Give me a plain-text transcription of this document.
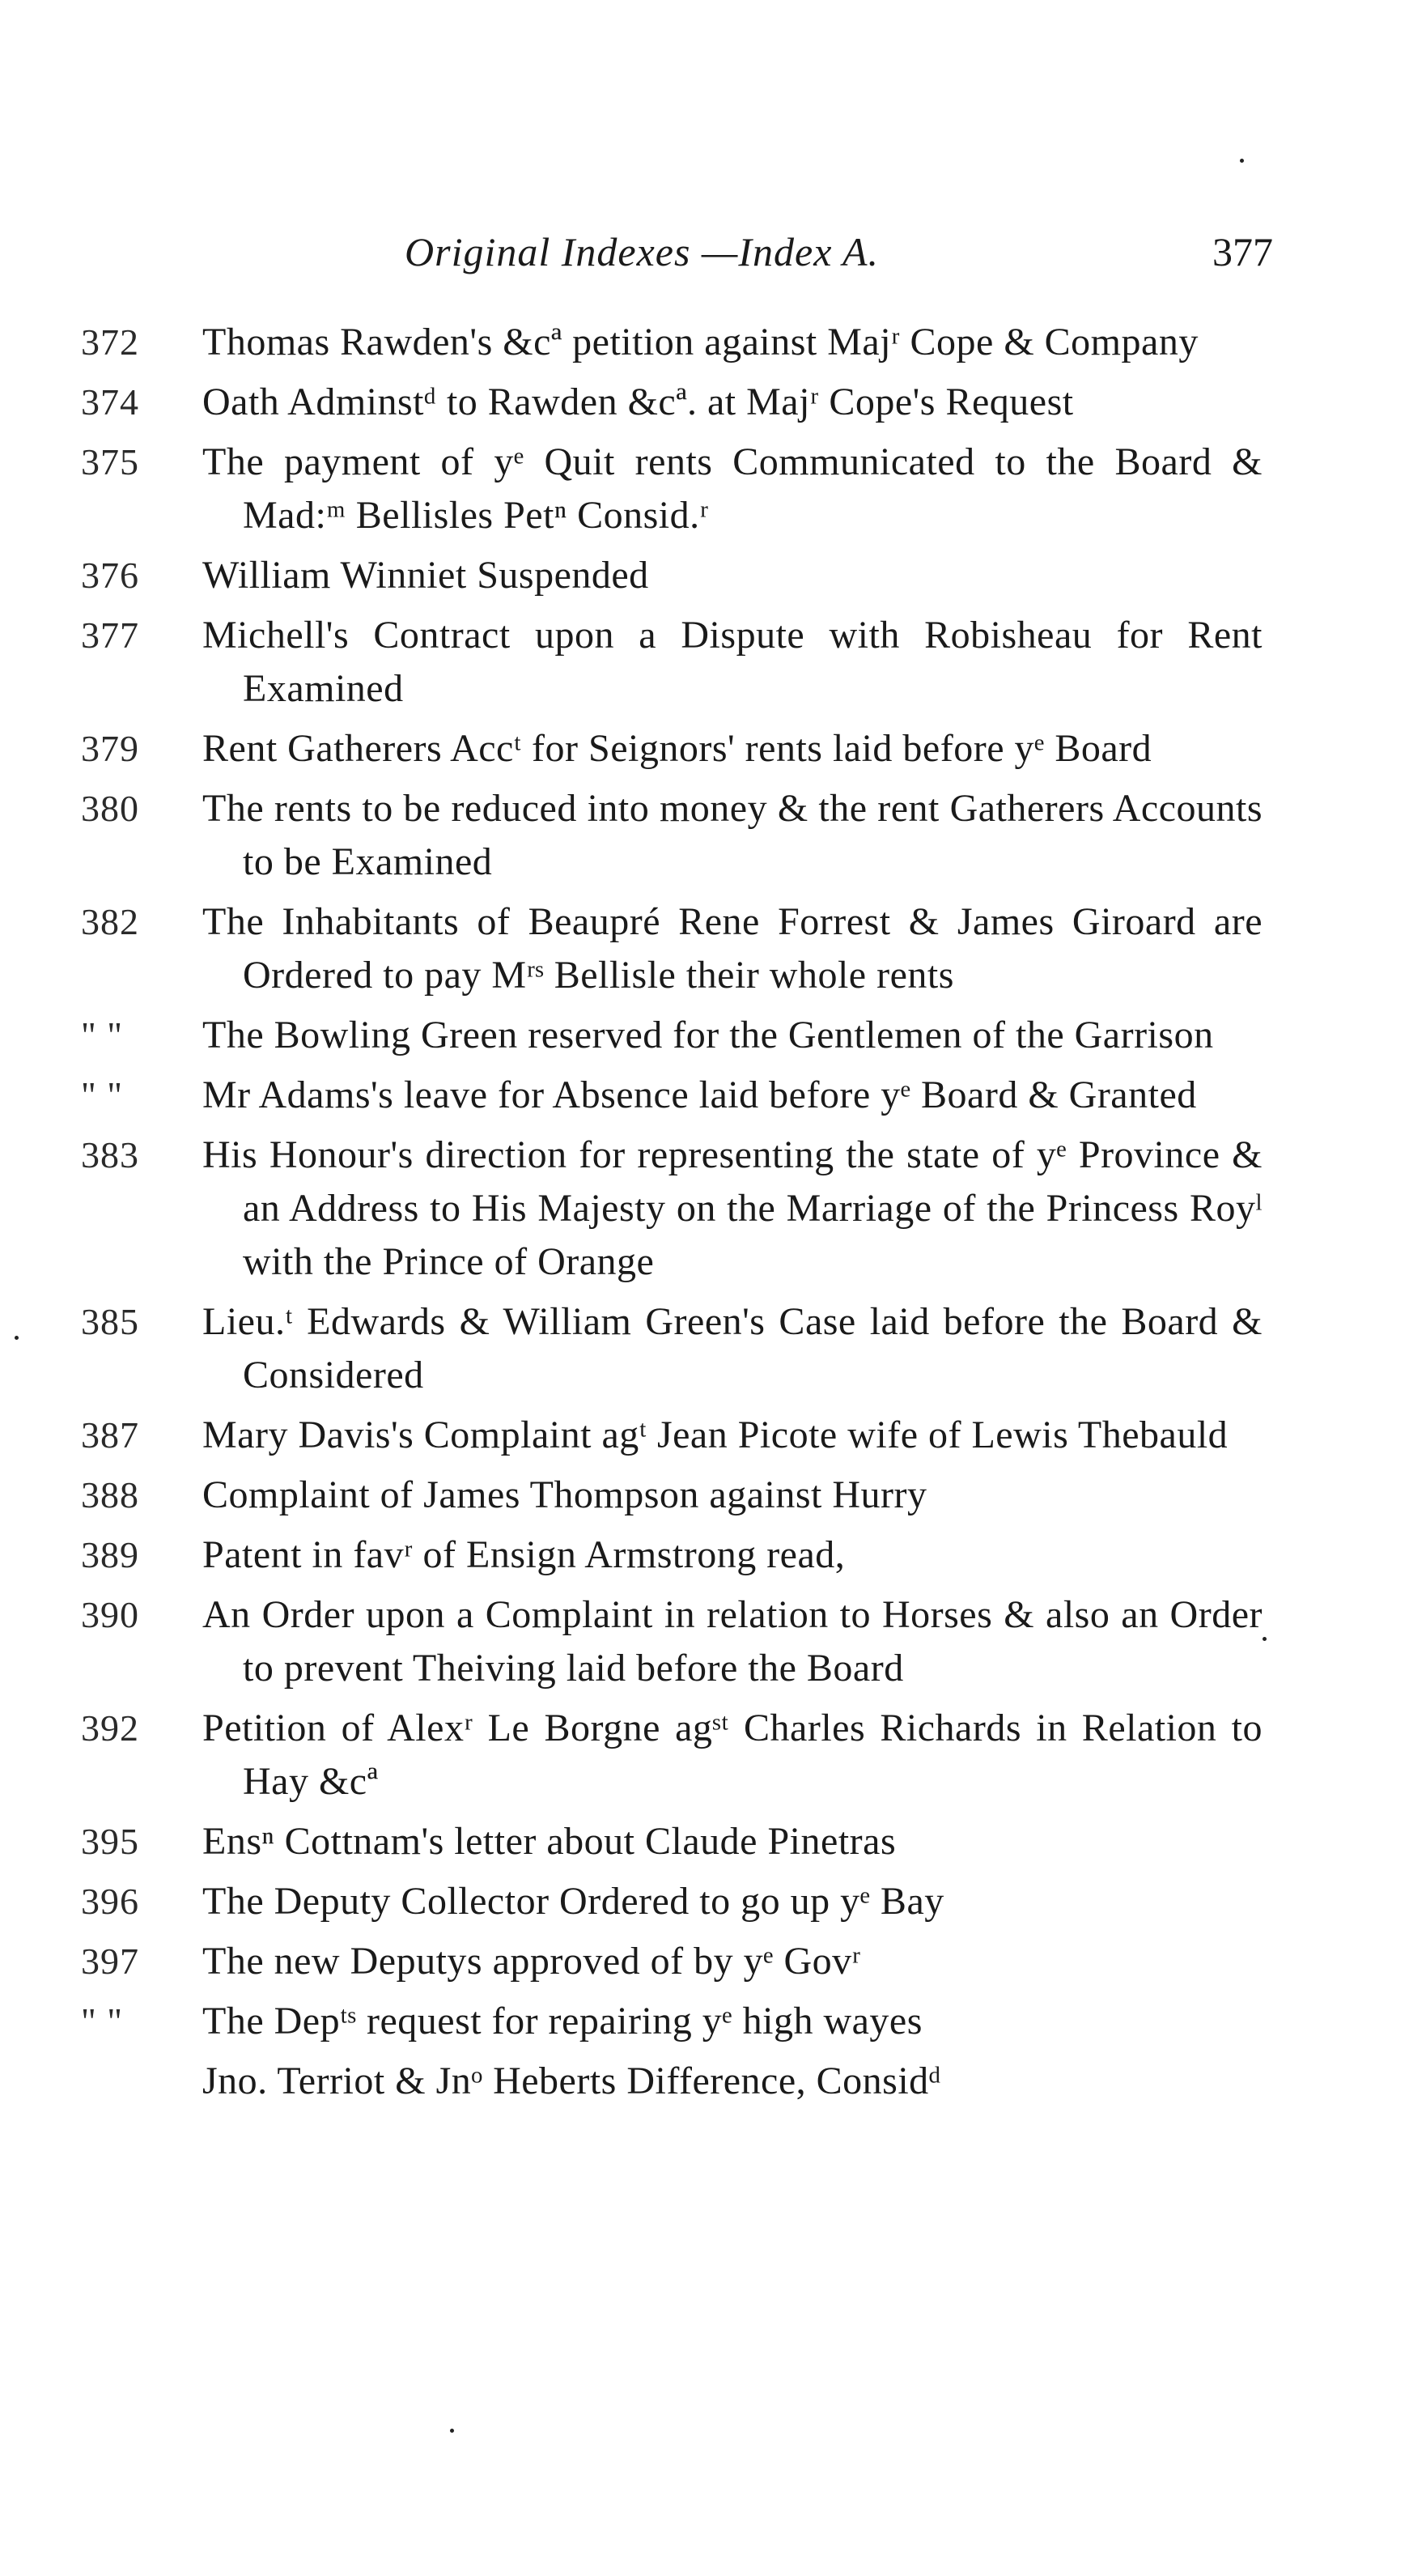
Original Indexes —Index A.	377
372	Thomas Rawden's &cª petition against Majʳ Cope & Company
374	Oath Adminstᵈ to Rawden &cª. at Majʳ Cope's Request
375	The payment of yᵉ Quit rents Communicated to the Board & Mad:ᵐ Bellisles Petⁿ Consid.ʳ
376	William Winniet Suspended
377	Michell's Contract upon a Dispute with Robisheau for Rent Examined
379	Rent Gatherers Accᵗ for Seignors' rents laid before yᵉ Board
380	The rents to be reduced into money & the rent Gatherers Accounts to be Examined
382	The Inhabitants of Beaupré Rene Forrest & James Giroard are Ordered to pay Mʳˢ Bellisle their whole rents
" "	The Bowling Green reserved for the Gentlemen of the Garrison
" "	Mr Adams's leave for Absence laid before yᵉ Board & Granted
383	His Honour's direction for representing the state of yᵉ Province & an Address to His Majesty on the Marriage of the Princess Royˡ with the Prince of Orange
385	Lieu.ᵗ Edwards & William Green's Case laid before the Board & Considered
387	Mary Davis's Complaint agᵗ Jean Picote wife of Lewis Thebauld
388	Complaint of James Thompson against Hurry
389	Patent in favʳ of Ensign Armstrong read,
390	An Order upon a Complaint in relation to Horses & also an Order to prevent Theiving laid before the Board
392	Petition of Alexʳ Le Borgne agˢᵗ Charles Richards in Relation to Hay &cª
395	Ensⁿ Cottnam's letter about Claude Pinetras
396	The Deputy Collector Ordered to go up yᵉ Bay
397	The new Deputys approved of by yᵉ Govʳ
" "	The Depᵗˢ request for repairing yᵉ high wayes
Jno. Terriot & Jnᵒ Heberts Difference, Considᵈ
